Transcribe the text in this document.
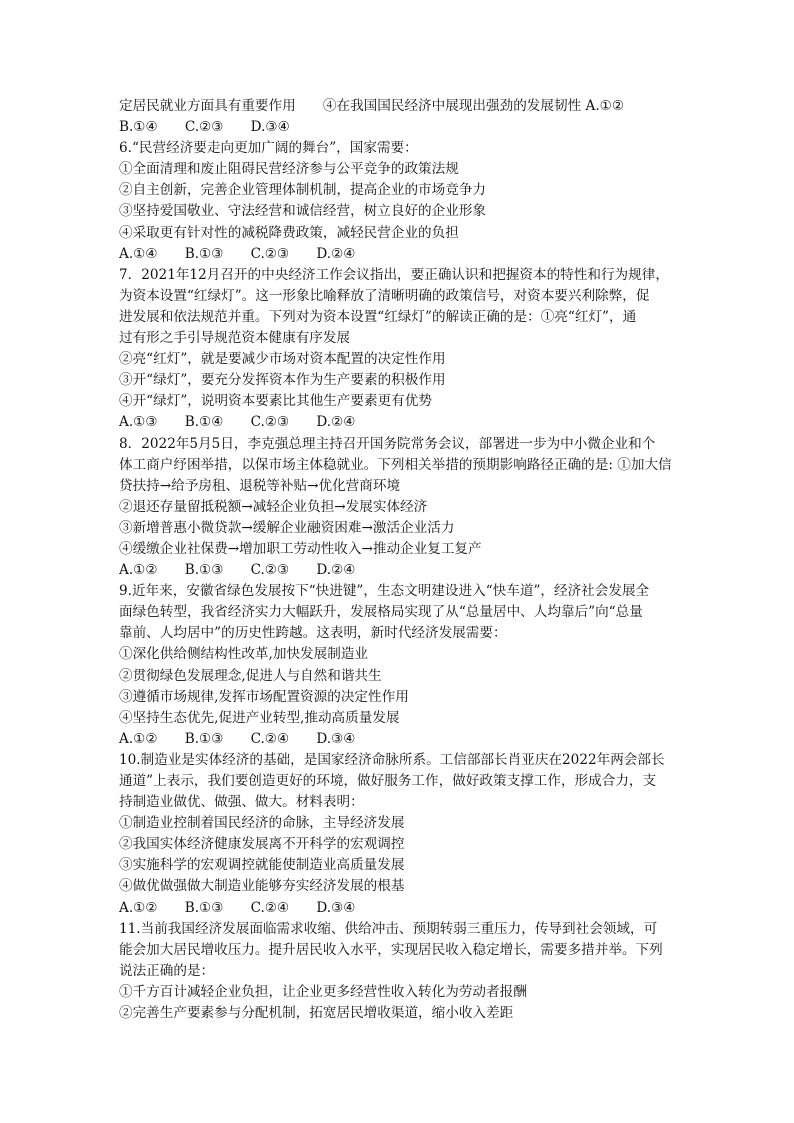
定居民就业方面具有重要作用　　④在我国国民经济中展现出强劲的发展韧性 A.①②
B.①④　　C.②③　　D.③④
6.“民营经济要走向更加广阔的舞台”，国家需要：
①全面清理和废止阻碍民营经济参与公平竞争的政策法规
②自主创新，完善企业管理体制机制，提高企业的市场竞争力
③坚持爱国敬业、守法经营和诚信经营，树立良好的企业形象
④采取更有针对性的减税降费政策，减轻民营企业的负担
A.①④　　B.①③　　C.②③　　D.②④
7．2021年12月召开的中央经济工作会议指出，要正确认识和把握资本的特性和行为规律，
为资本设置“红绿灯”。这一形象比喻释放了清晰明确的政策信号，对资本要兴利除弊，促
进发展和依法规范并重。下列对为资本设置“红绿灯”的解读正确的是：①亮“红灯”，通
过有形之手引导规范资本健康有序发展
②亮“红灯”，就是要减少市场对资本配置的决定性作用
③开“绿灯”，要充分发挥资本作为生产要素的积极作用
④开“绿灯”，说明资本要素比其他生产要素更有优势
A.①③　　B.①④　　C.②③　　D.②④
8．2022年5月5日，李克强总理主持召开国务院常务会议，部署进一步为中小微企业和个
体工商户纾困举措，以保市场主体稳就业。下列相关举措的预期影响路径正确的是: ①加大信
贷扶持→给予房租、退税等补贴→优化营商环境
②退还存量留抵税额→减轻企业负担→发展实体经济
③新增普惠小微贷款→缓解企业融资困难→激活企业活力
④缓缴企业社保费→增加职工劳动性收入→推动企业复工复产
A.①②　　B.①③　　C.②③　　D.②④
9.近年来，安徽省绿色发展按下“快进键”，生态文明建设进入“快车道”，经济社会发展全
面绿色转型，我省经济实力大幅跃升，发展格局实现了从“总量居中、人均靠后”向“总量
靠前、人均居中”的历史性跨越。这表明，新时代经济发展需要：
①深化供给侧结构性改革,加快发展制造业
②贯彻绿色发展理念,促进人与自然和谐共生
③遵循市场规律,发挥市场配置资源的决定性作用
④坚持生态优先,促进产业转型,推动高质量发展
A.①②　　B.①③　　C.②④　　D.③④
10.制造业是实体经济的基础，是国家经济命脉所系。工信部部长肖亚庆在2022年两会部长
通道”上表示，我们要创造更好的环境，做好服务工作，做好政策支撑工作，形成合力，支
持制造业做优、做强、做大。材料表明：
①制造业控制着国民经济的命脉，主导经济发展
②我国实体经济健康发展离不开科学的宏观调控
③实施科学的宏观调控就能使制造业高质量发展
④做优做强做大制造业能够夯实经济发展的根基
A.①②　　B.①③　　C.②④　　D.③④
11.当前我国经济发展面临需求收缩、供给冲击、预期转弱三重压力，传导到社会领域，可
能会加大居民增收压力。提升居民收入水平，实现居民收入稳定增长，需要多措并举。下列
说法正确的是：
①千方百计减轻企业负担，让企业更多经营性收入转化为劳动者报酬
②完善生产要素参与分配机制，拓宽居民增收渠道，缩小收入差距
